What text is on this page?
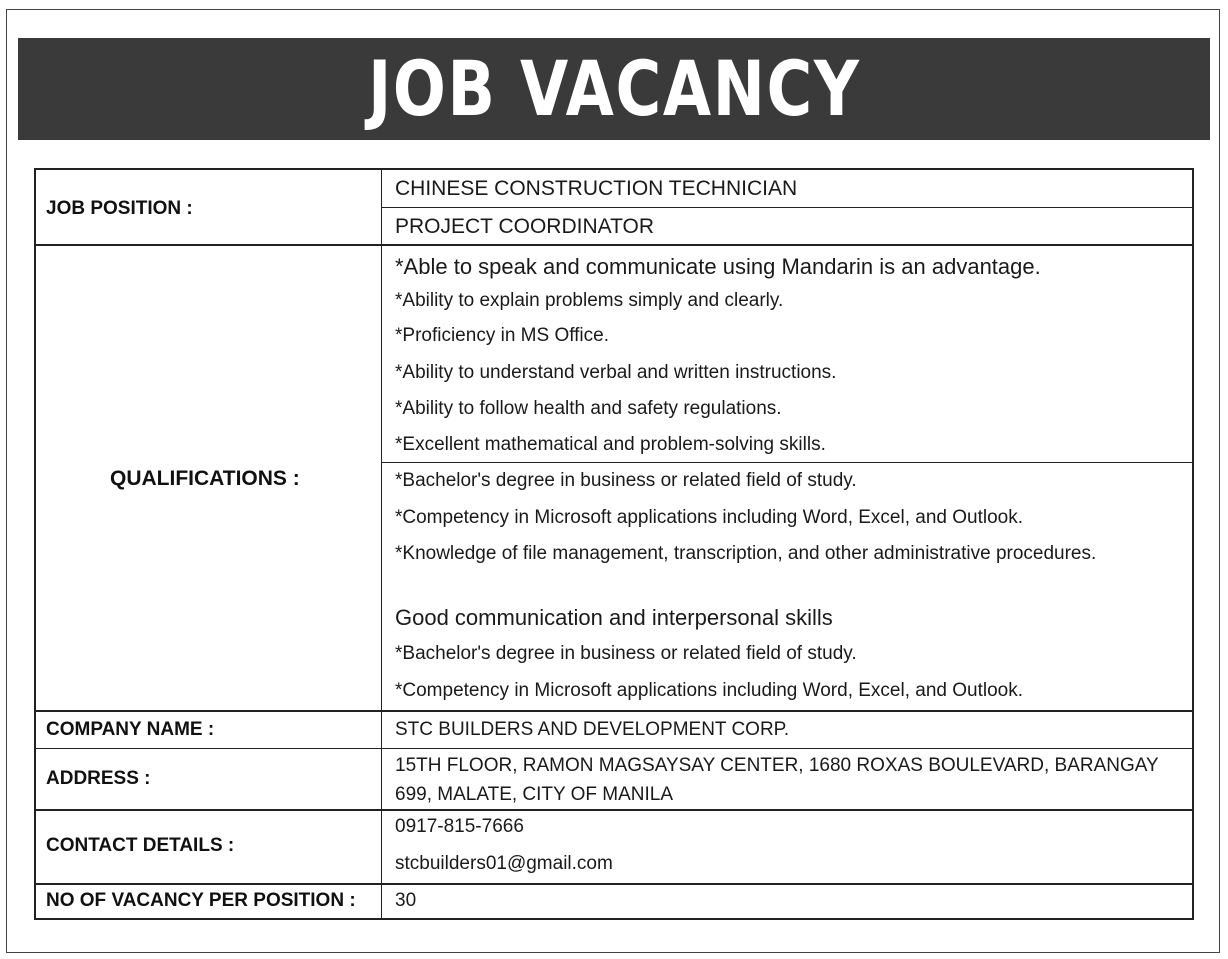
JOB VACANCY
JOB POSITION :
CHINESE CONSTRUCTION TECHNICIAN
PROJECT COORDINATOR
QUALIFICATIONS :
*Able to speak and communicate using Mandarin is an advantage.
*Ability to explain problems simply and clearly.
*Proficiency in MS Office.
*Ability to understand verbal and written instructions.
*Ability to follow health and safety regulations.
*Excellent mathematical and problem-solving skills.
*Bachelor's degree in business or related field of study.
*Competency in Microsoft applications including Word, Excel, and Outlook.
*Knowledge of file management, transcription, and other administrative procedures.
Good communication and interpersonal skills
*Bachelor's degree in business or related field of study.
*Competency in Microsoft applications including Word, Excel, and Outlook.
COMPANY NAME :	STC BUILDERS AND DEVELOPMENT CORP.
ADDRESS :
15TH FLOOR, RAMON MAGSAYSAY CENTER, 1680 ROXAS BOULEVARD, BARANGAY 699, MALATE, CITY OF MANILA
CONTACT DETAILS :
0917-815-7666
stcbuilders01@gmail.com
NO OF VACANCY PER POSITION : 30
